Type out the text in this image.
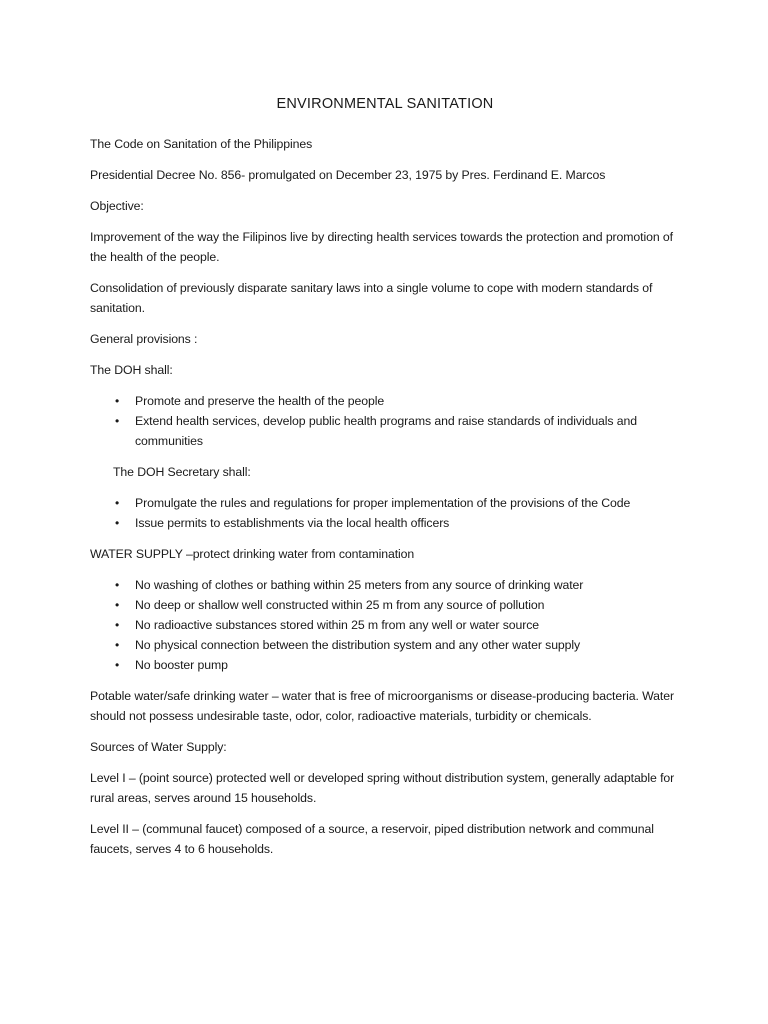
ENVIRONMENTAL SANITATION

The Code on Sanitation of the Philippines

Presidential Decree No. 856- promulgated on December 23, 1975 by Pres. Ferdinand E. Marcos

Objective:

Improvement of the way the Filipinos live by directing health services towards the protection and promotion of the health of the people.

Consolidation of previously disparate sanitary laws into a single volume to cope with modern standards of sanitation.

General provisions :

The DOH shall:

• Promote and preserve the health of the people
• Extend health services, develop public health programs and raise standards of individuals and communities

The DOH Secretary shall:

• Promulgate the rules and regulations for proper implementation of the provisions of the Code
• Issue permits to establishments via the local health officers

WATER SUPPLY –protect drinking water from contamination

• No washing of clothes or bathing within 25 meters from any source of drinking water
• No deep or shallow well constructed within 25 m from any source of pollution
• No radioactive substances stored within 25 m from any well or water source
• No physical connection between the distribution system and any other water supply
• No booster pump

Potable water/safe drinking water – water that is free of microorganisms or disease-producing bacteria. Water should not possess undesirable taste, odor, color, radioactive materials, turbidity or chemicals.

Sources of Water Supply:

Level I – (point source) protected well or developed spring without distribution system, generally adaptable for rural areas, serves around 15 households.

Level II – (communal faucet) composed of a source, a reservoir, piped distribution network and communal faucets, serves 4 to 6 households.
